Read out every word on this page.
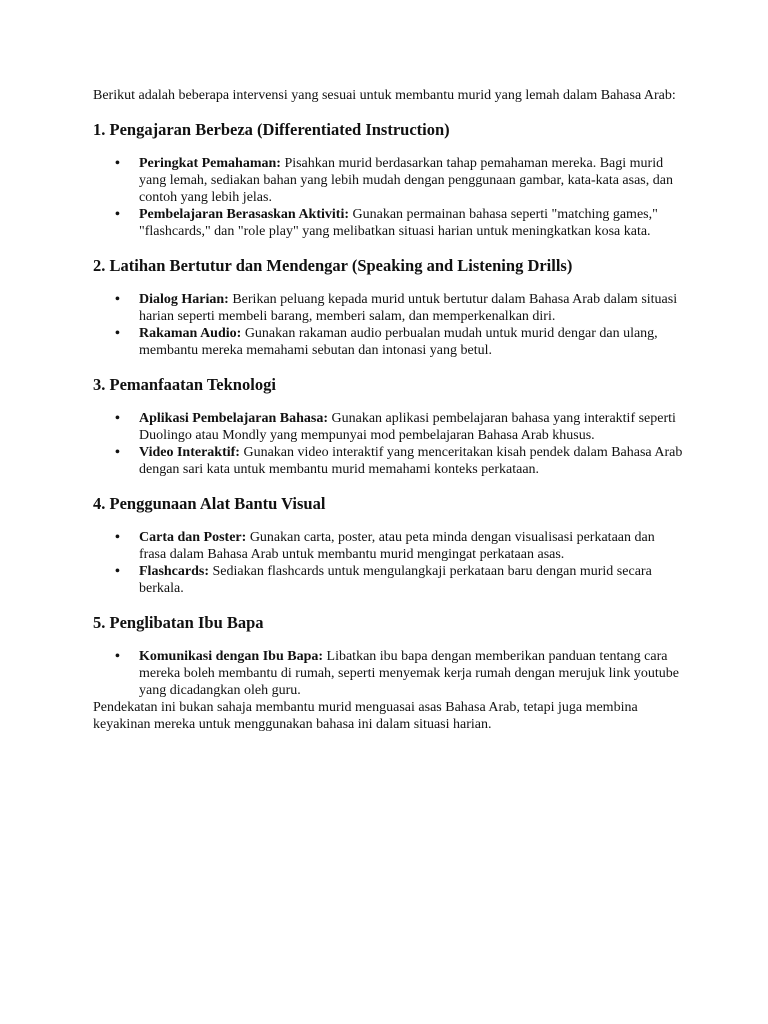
Berikut adalah beberapa intervensi yang sesuai untuk membantu murid yang lemah dalam Bahasa Arab:

1. Pengajaran Berbeza (Differentiated Instruction)
• Peringkat Pemahaman: Pisahkan murid berdasarkan tahap pemahaman mereka. Bagi murid yang lemah, sediakan bahan yang lebih mudah dengan penggunaan gambar, kata-kata asas, dan contoh yang lebih jelas.
• Pembelajaran Berasaskan Aktiviti: Gunakan permainan bahasa seperti "matching games," "flashcards," dan "role play" yang melibatkan situasi harian untuk meningkatkan kosa kata.
2. Latihan Bertutur dan Mendengar (Speaking and Listening Drills)
• Dialog Harian: Berikan peluang kepada murid untuk bertutur dalam Bahasa Arab dalam situasi harian seperti membeli barang, memberi salam, dan memperkenalkan diri.
• Rakaman Audio: Gunakan rakaman audio perbualan mudah untuk murid dengar dan ulang, membantu mereka memahami sebutan dan intonasi yang betul.
3. Pemanfaatan Teknologi
• Aplikasi Pembelajaran Bahasa: Gunakan aplikasi pembelajaran bahasa yang interaktif seperti Duolingo atau Mondly yang mempunyai mod pembelajaran Bahasa Arab khusus.
• Video Interaktif: Gunakan video interaktif yang menceritakan kisah pendek dalam Bahasa Arab dengan sari kata untuk membantu murid memahami konteks perkataan.
4. Penggunaan Alat Bantu Visual
• Carta dan Poster: Gunakan carta, poster, atau peta minda dengan visualisasi perkataan dan frasa dalam Bahasa Arab untuk membantu murid mengingat perkataan asas.
• Flashcards: Sediakan flashcards untuk mengulangkaji perkataan baru dengan murid secara berkala.
5. Penglibatan Ibu Bapa
• Komunikasi dengan Ibu Bapa: Libatkan ibu bapa dengan memberikan panduan tentang cara mereka boleh membantu di rumah, seperti menyemak kerja rumah dengan merujuk link youtube yang dicadangkan oleh guru.

Pendekatan ini bukan sahaja membantu murid menguasai asas Bahasa Arab, tetapi juga membina keyakinan mereka untuk menggunakan bahasa ini dalam situasi harian.
